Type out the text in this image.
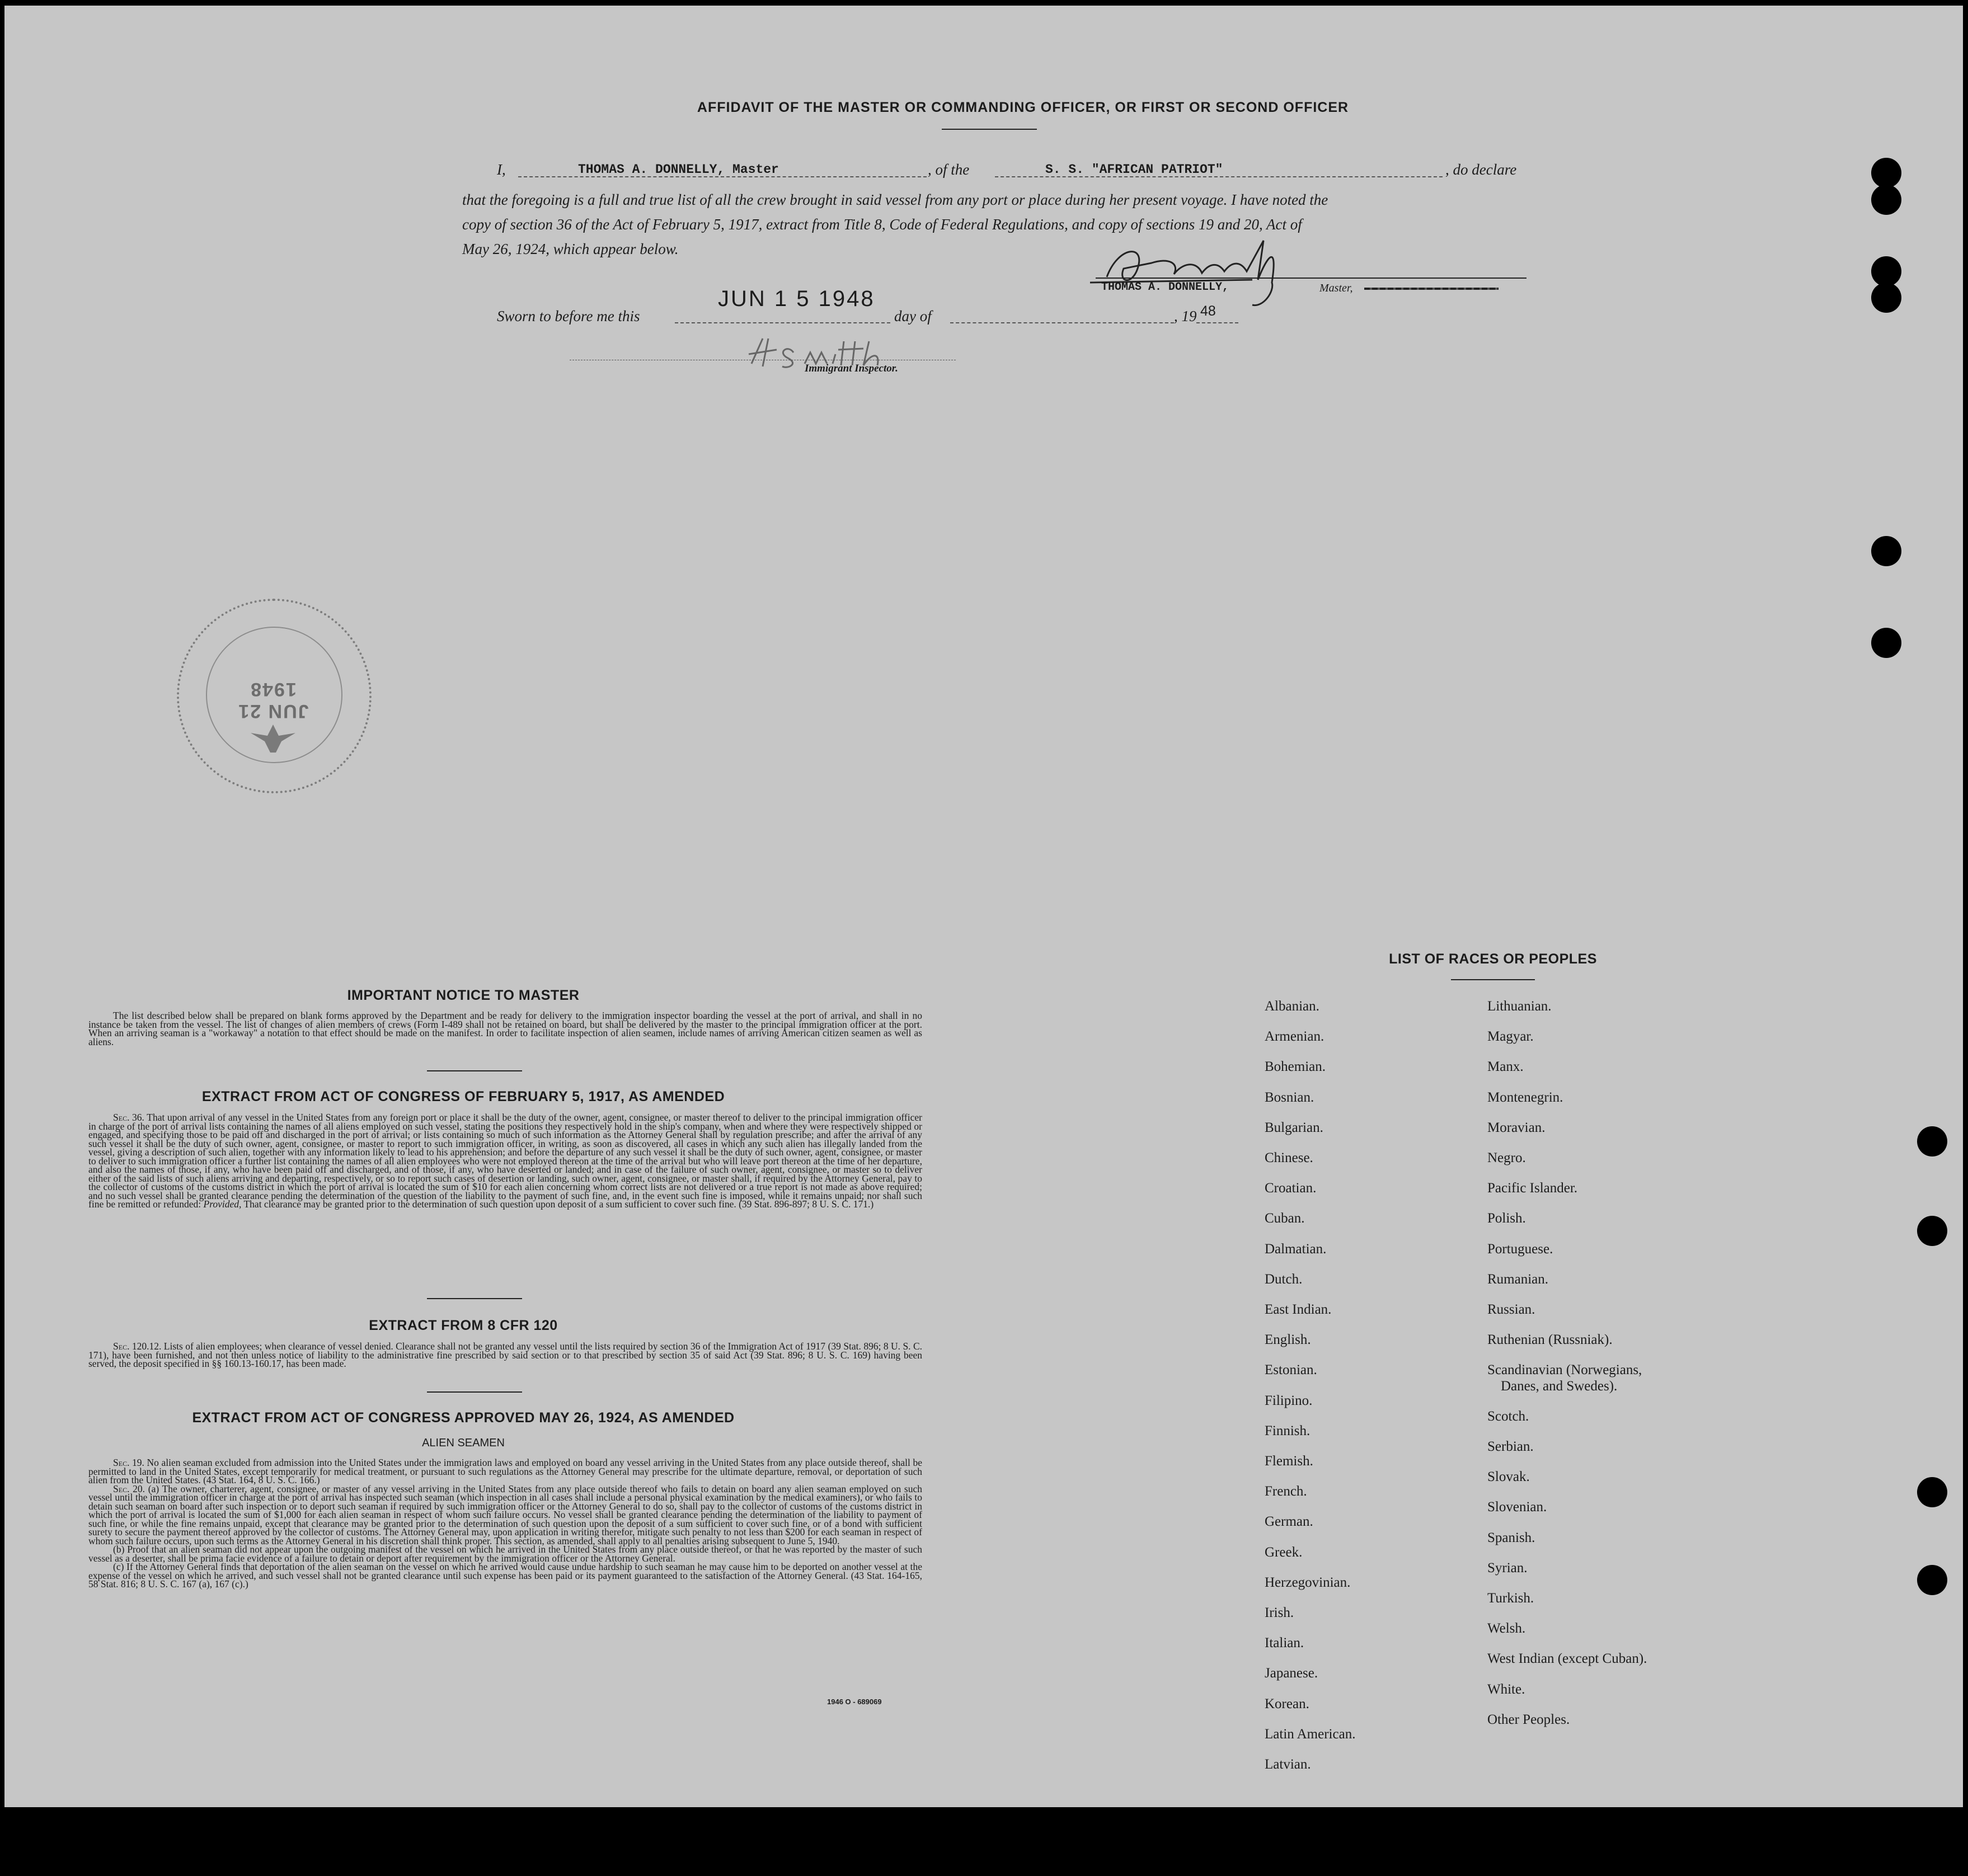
AFFIDAVIT OF THE MASTER OR COMMANDING OFFICER, OR FIRST OR SECOND OFFICER
I,	THOMAS A. DONNELLY, Master	, of the	S. S. "AFRICAN PATRIOT"	, do declare
that the foregoing is a full and true list of all the crew brought in said vessel from any port or place during her present voyage. I have noted the
copy of section 36 of the Act of February 5, 1917, extract from Title 8, Code of Federal Regulations, and copy of sections 19 and 20, Act of
May 26, 1924, which appear below.
THOMAS A. DONNELLY,	Master,
Sworn to before me this
JUN 1 5 1948
day of	, 19 48
Immigrant Inspector.
JUN 21 1948
IMPORTANT NOTICE TO MASTER

The list described below shall be prepared on blank forms approved by the Department and be ready for delivery to the immigration inspector boarding the vessel at the port of arrival, and shall in no instance be taken from the vessel. The list of changes of alien members of crews (Form I-489 shall not be retained on board, but shall be delivered by the master to the principal immigration officer at the port. When an arriving seaman is a "workaway" a notation to that effect should be made on the manifest. In order to facilitate inspection of alien seamen, include names of arriving American citizen seamen as well as aliens.

EXTRACT FROM ACT OF CONGRESS OF FEBRUARY 5, 1917, AS AMENDED

Sec. 36. That upon arrival of any vessel in the United States from any foreign port or place it shall be the duty of the owner, agent, consignee, or master thereof to deliver to the principal immigration officer in charge of the port of arrival lists containing the names of all aliens employed on such vessel, stating the positions they respectively hold in the ship's company, when and where they were respectively shipped or engaged, and specifying those to be paid off and discharged in the port of arrival; or lists containing so much of such information as the Attorney General shall by regulation prescribe; and after the arrival of any such vessel it shall be the duty of such owner, agent, consignee, or master to report to such immigration officer, in writing, as soon as discovered, all cases in which any such alien has illegally landed from the vessel, giving a description of such alien, together with any information likely to lead to his apprehension; and before the departure of any such vessel it shall be the duty of such owner, agent, consignee, or master to deliver to such immigration officer a further list containing the names of all alien employees who were not employed thereon at the time of the arrival but who will leave port thereon at the time of her departure, and also the names of those, if any, who have been paid off and discharged, and of those, if any, who have deserted or landed; and in case of the failure of such owner, agent, consignee, or master so to deliver either of the said lists of such aliens arriving and departing, respectively, or so to report such cases of desertion or landing, such owner, agent, consignee, or master shall, if required by the Attorney General, pay to the collector of customs of the customs district in which the port of arrival is located the sum of $10 for each alien concerning whom correct lists are not delivered or a true report is not made as above required; and no such vessel shall be granted clearance pending the determination of the question of the liability to the payment of such fine, and, in the event such fine is imposed, while it remains unpaid; nor shall such fine be remitted or refunded: Provided, That clearance may be granted prior to the determination of such question upon deposit of a sum sufficient to cover such fine. (39 Stat. 896-897; 8 U. S. C. 171.)

EXTRACT FROM 8 CFR 120

Sec. 120.12. Lists of alien employees; when clearance of vessel denied. Clearance shall not be granted any vessel until the lists required by section 36 of the Immigration Act of 1917 (39 Stat. 896; 8 U. S. C. 171), have been furnished, and not then unless notice of liability to the administrative fine prescribed by said section or to that prescribed by section 35 of said Act (39 Stat. 896; 8 U. S. C. 169) having been served, the deposit specified in §§ 160.13-160.17, has been made.

EXTRACT FROM ACT OF CONGRESS APPROVED MAY 26, 1924, AS AMENDED
ALIEN SEAMEN

Sec. 19. No alien seaman excluded from admission into the United States under the immigration laws and employed on board any vessel arriving in the United States from any place outside thereof, shall be permitted to land in the United States, except temporarily for medical treatment, or pursuant to such regulations as the Attorney General may prescribe for the ultimate departure, removal, or deportation of such alien from the United States. (43 Stat. 164, 8 U. S. C. 166.)

Sec. 20. (a) The owner, charterer, agent, consignee, or master of any vessel arriving in the United States from any place outside thereof who fails to detain on board any alien seaman employed on such vessel until the immigration officer in charge at the port of arrival has inspected such seaman (which inspection in all cases shall include a personal physical examination by the medical examiners), or who fails to detain such seaman on board after such inspection or to deport such seaman if required by such immigration officer or the Attorney General to do so, shall pay to the collector of customs of the customs district in which the port of arrival is located the sum of $1,000 for each alien seaman in respect of whom such failure occurs. No vessel shall be granted clearance pending the determination of the liability to payment of such fine, or while the fine remains unpaid, except that clearance may be granted prior to the determination of such question upon the deposit of a sum sufficient to cover such fine, or of a bond with sufficient surety to secure the payment thereof approved by the collector of customs. The Attorney General may, upon application in writing therefor, mitigate such penalty to not less than $200 for each seaman in respect of whom such failure occurs, upon such terms as the Attorney General in his discretion shall think proper. This section, as amended, shall apply to all penalties arising subsequent to June 5, 1940.

(b) Proof that an alien seaman did not appear upon the outgoing manifest of the vessel on which he arrived in the United States from any place outside thereof, or that he was reported by the master of such vessel as a deserter, shall be prima facie evidence of a failure to detain or deport after requirement by the immigration officer or the Attorney General.

(c) If the Attorney General finds that deportation of the alien seaman on the vessel on which he arrived would cause undue hardship to such seaman he may cause him to be deported on another vessel at the expense of the vessel on which he arrived, and such vessel shall not be granted clearance until such expense has been paid or its payment guaranteed to the satisfaction of the Attorney General. (43 Stat. 164-165, 58 Stat. 816; 8 U. S. C. 167 (a), 167 (c).)

1946 O - 689069
LIST OF RACES OR PEOPLES
Albanian.
Armenian.
Bohemian.
Bosnian.
Bulgarian.
Chinese.
Croatian.
Cuban.
Dalmatian.
Dutch.
East Indian.
English.
Estonian.
Filipino.
Finnish.
Flemish.
French.
German.
Greek.
Herzegovinian.
Irish.
Italian.
Japanese.
Korean.
Latin American.
Latvian.
Lithuanian.
Magyar.
Manx.
Montenegrin.
Moravian.
Negro.
Pacific Islander.
Polish.
Portuguese.
Rumanian.
Russian.
Ruthenian (Russniak).
Scandinavian (Norwegians,
Danes, and Swedes).
Scotch.
Serbian.
Slovak.
Slovenian.
Spanish.
Syrian.
Turkish.
Welsh.
West Indian (except Cuban).
White.
Other Peoples.
